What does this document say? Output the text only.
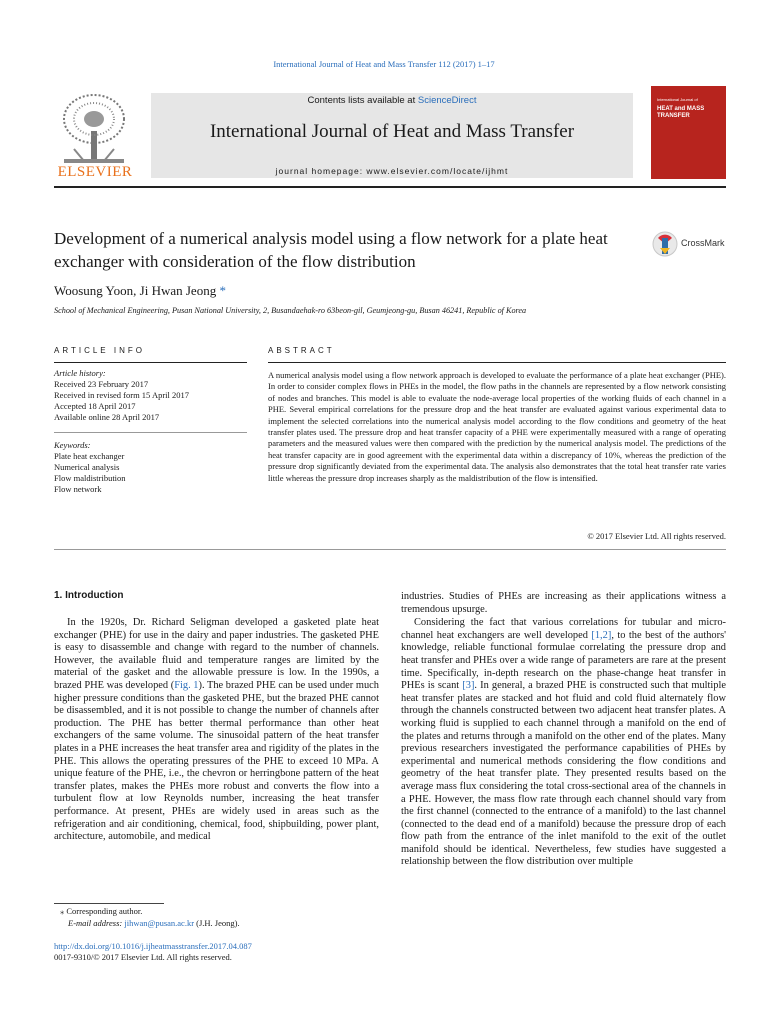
International Journal of Heat and Mass Transfer 112 (2017) 1–17
ELSEVIER
Contents lists available at ScienceDirect
International Journal of Heat and Mass Transfer
journal homepage: www.elsevier.com/locate/ijhmt
International Journal of
HEAT and MASS
TRANSFER
Development of a numerical analysis model using a flow network for a plate heat exchanger with consideration of the flow distribution
CrossMark
Woosung Yoon, Ji Hwan Jeong *
School of Mechanical Engineering, Pusan National University, 2, Busandaehak-ro 63beon-gil, Geumjeong-gu, Busan 46241, Republic of Korea
ARTICLE INFO
Article history:
Received 23 February 2017
Received in revised form 15 April 2017
Accepted 18 April 2017
Available online 28 April 2017
Keywords:
Plate heat exchanger
Numerical analysis
Flow maldistribution
Flow network
ABSTRACT
A numerical analysis model using a flow network approach is developed to evaluate the performance of a plate heat exchanger (PHE). In order to consider complex flows in PHEs in the model, the flow paths in the channels are represented by a flow network consisting of nodes and branches. This model is able to evaluate the node-average local properties of the working fluids of each channel in a PHE. Several empirical correlations for the pressure drop and the heat transfer are evaluated against various experimental data to implement the selected correlations into the numerical analysis model according to the flow conditions and geometry of the heat transfer plates used. The pressure drop and heat transfer capacity of a PHE were experimentally measured with a range of operating parameters and the measured values were then compared with the prediction by the numerical analysis model. The predictions of the heat transfer capacity are in good agreement with the experimental data within a discrepancy of 10%, whereas the prediction of the pressure drop significantly deviated from the experimental data. The analysis also demonstrates that the total heat transfer rate varies little whereas the pressure drop increases sharply as the maldistribution of the flow is intensified.
© 2017 Elsevier Ltd. All rights reserved.
1. Introduction

In the 1920s, Dr. Richard Seligman developed a gasketed plate heat exchanger (PHE) for use in the dairy and paper industries. The gasketed PHE is easy to disassemble and change with regard to the number of channels. However, the available fluid and temperature ranges are limited by the material of the gasket and the allowable pressure is low. In the 1990s, a brazed PHE was developed (Fig. 1). The brazed PHE can be used under much higher pressure conditions than the gasketed PHE, but the brazed PHE cannot be disassembled, and it is not possible to change the number of channels after production. The PHE has better thermal performance than other heat exchangers of the same volume. The sinusoidal pattern of the heat transfer plates in a PHE increases the heat transfer area and rigidity of the plates in the PHE. This allows the operating pressures of the PHE to exceed 10 MPa. A unique feature of the PHE, i.e., the chevron or herringbone pattern of the heat transfer plates, makes the PHEs more robust and converts the flow into a turbulent flow at low Reynolds number, increasing the heat transfer performance. At present, PHEs are widely used in areas such as the refrigeration and air conditioning, chemical, food, shipbuilding, power plant, architecture, automobile, and medical

industries. Studies of PHEs are increasing as their applications witness a tremendous upsurge.

Considering the fact that various correlations for tubular and micro-channel heat exchangers are well developed [1,2], to the best of the authors' knowledge, reliable functional formulae correlating the pressure drop and heat transfer and PHEs over a wide range of parameters are rare at the present time. Specifically, in-depth research on the phase-change heat transfer in PHEs is scant [3]. In general, a brazed PHE is constructed such that multiple heat transfer plates are stacked and hot fluid and cold fluid alternately flow through the channels constructed between two adjacent heat transfer plates. A working fluid is supplied to each channel through a manifold on the end of the plates and returns through a manifold on the other end of the plates. Many previous researchers investigated the performance capabilities of PHEs by experimental and numerical methods considering the flow conditions and geometry of the heat transfer plate. They presented results based on the average mass flux considering the total cross-sectional area of the channels in a PHE. However, the mass flow rate through each channel should vary from the first channel (connected to the entrance of a manifold) to the last channel (connected to the dead end of a manifold) because the pressure drop of each flow path from the entrance of the inlet manifold to the exit of the outlet manifold should be identical. Nevertheless, few studies have suggested a relationship between the flow distribution over multiple

⁎ Corresponding author.
E-mail address: jihwan@pusan.ac.kr (J.H. Jeong).
http://dx.doi.org/10.1016/j.ijheatmasstransfer.2017.04.087
0017-9310/© 2017 Elsevier Ltd. All rights reserved.
